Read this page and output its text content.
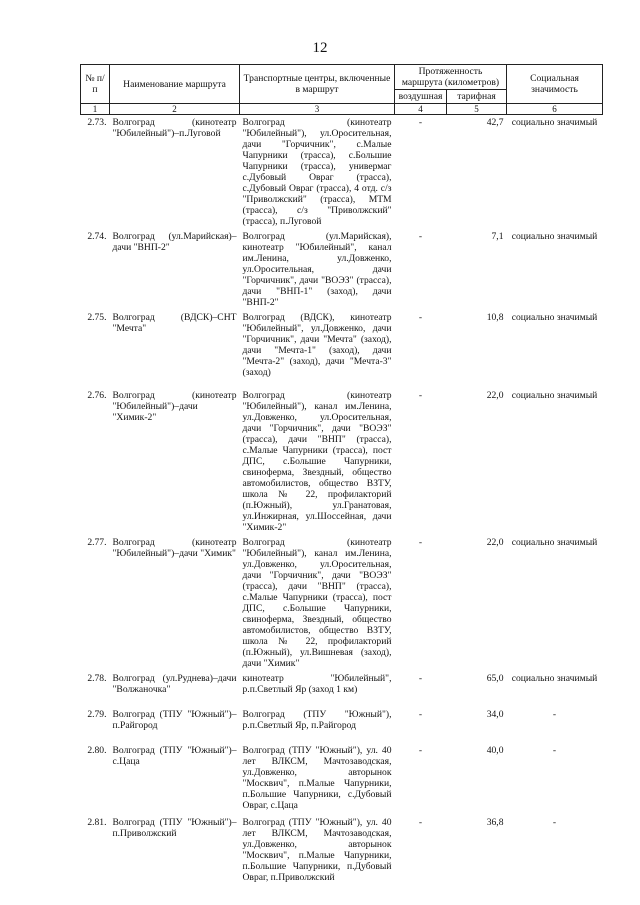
12
№ п/п	Наименование маршрута	Транспортные центры, включенные в маршрут	Протяженность маршрута (километров)		Социальная значимость
			воздушная	тарифная	
1	2	3	4	5	6
2.73.	Волгоград (кинотеатр "Юбилейный")–п.Луговой	Волгоград (кинотеатр "Юбилейный"), ул.Оросительная, дачи "Горчичник", с.Малые Чапурники (трасса), с.Большие Чапурники (трасса), универмаг с.Дубовый Овраг (трасса), с.Дубовый Овраг (трасса), 4 отд. с/з "Приволжский" (трасса), МТМ (трасса), с/з "Приволжский" (трасса), п.Луговой	-	42,7	социально значимый
2.74.	Волгоград (ул.Марийская)–дачи "ВНП-2"	Волгоград (ул.Марийская), кинотеатр "Юбилейный", канал им.Ленина, ул.Довженко, ул.Оросительная, дачи "Горчичник", дачи "ВОЭЗ" (трасса), дачи "ВНП-1" (заход), дачи "ВНП-2"	-	7,1	социально значимый
2.75.	Волгоград (ВДСК)–СНТ "Мечта"	Волгоград (ВДСК), кинотеатр "Юбилейный", ул.Довженко, дачи "Горчичник", дачи "Мечта" (заход), дачи "Мечта-1" (заход), дачи "Мечта-2" (заход), дачи "Мечта-3" (заход)	-	10,8	социально значимый
2.76.	Волгоград (кинотеатр "Юбилейный")–дачи "Химик-2"	Волгоград (кинотеатр "Юбилейный"), канал им.Ленина, ул.Довженко, ул.Оросительная, дачи "Горчичник", дачи "ВОЭЗ" (трасса), дачи "ВНП" (трасса), с.Малые Чапурники (трасса), пост ДПС, с.Большие Чапурники, свиноферма, Звездный, общество автомобилистов, общество ВЗТУ, школа № 22, профилакторий (п.Южный), ул.Гранатовая, ул.Инжирная, ул.Шоссейная, дачи "Химик-2"	-	22,0	социально значимый
2.77.	Волгоград (кинотеатр "Юбилейный")–дачи "Химик"	Волгоград (кинотеатр "Юбилейный"), канал им.Ленина, ул.Довженко, ул.Оросительная, дачи "Горчичник", дачи "ВОЭЗ" (трасса), дачи "ВНП" (трасса), с.Малые Чапурники (трасса), пост ДПС, с.Большие Чапурники, свиноферма, Звездный, общество автомобилистов, общество ВЗТУ, школа № 22, профилакторий (п.Южный), ул.Вишневая (заход), дачи "Химик"	-	22,0	социально значимый
2.78.	Волгоград (ул.Руднева)–дачи "Волжаночка"	кинотеатр "Юбилейный", р.п.Светлый Яр (заход 1 км)	-	65,0	социально значимый
2.79.	Волгоград (ТПУ "Южный")–п.Райгород	Волгоград (ТПУ "Южный"), р.п.Светлый Яр, п.Райгород	-	34,0	-
2.80.	Волгоград (ТПУ "Южный")–с.Цаца	Волгоград (ТПУ "Южный"), ул. 40 лет ВЛКСМ, Мачтозаводская, ул.Довженко, авторынок "Москвич", п.Малые Чапурники, п.Большие Чапурники, с.Дубовый Овраг, с.Цаца	-	40,0	-
2.81.	Волгоград (ТПУ "Южный")–п.Приволжский	Волгоград (ТПУ "Южный"), ул. 40 лет ВЛКСМ, Мачтозаводская, ул.Довженко, авторынок "Москвич", п.Малые Чапурники, п.Большие Чапурники, п.Дубовый Овраг, п.Приволжский	-	36,8	-
